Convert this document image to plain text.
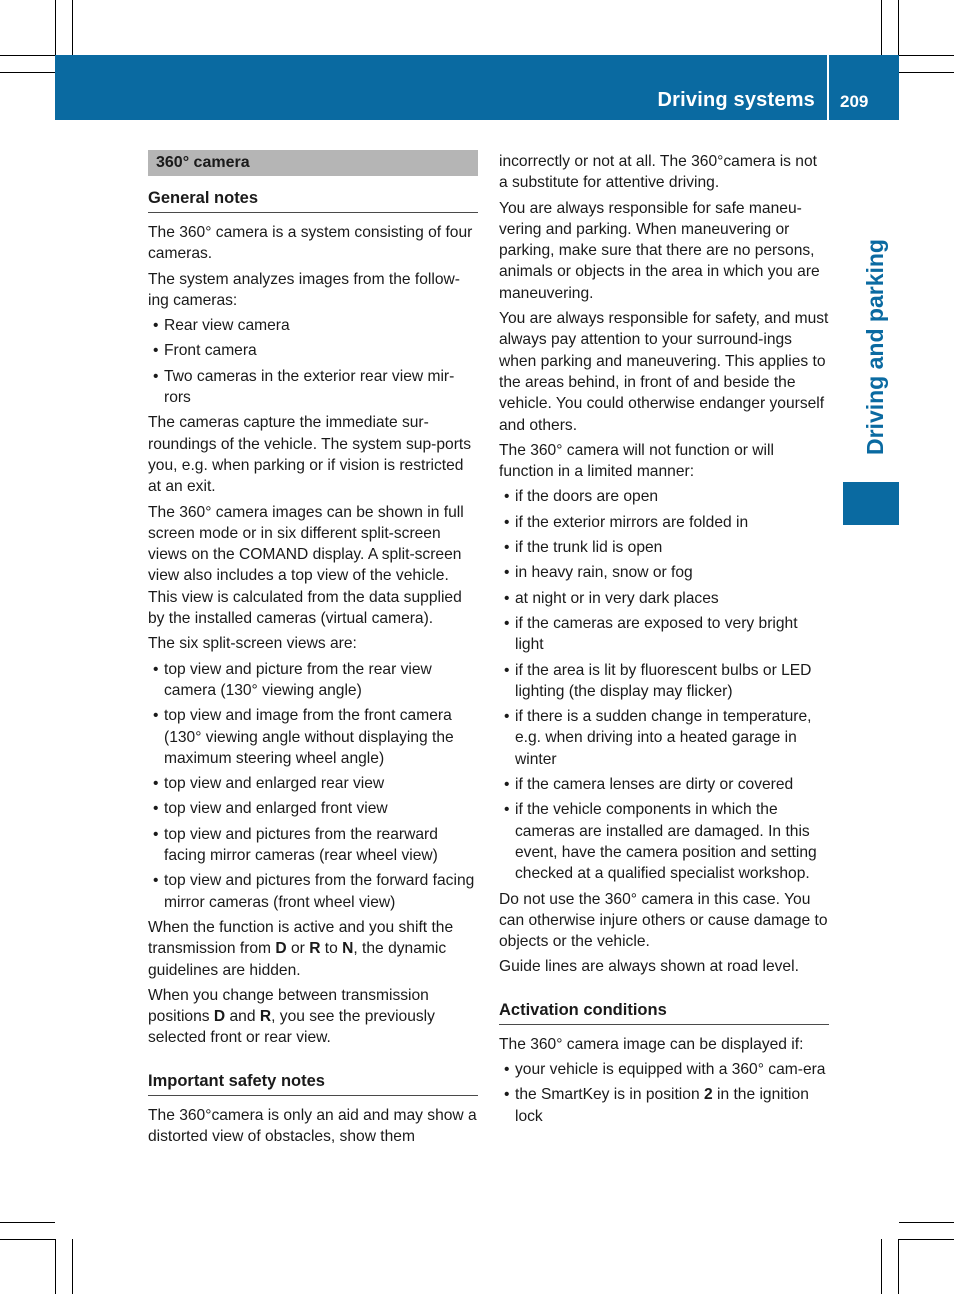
Driving systems 209
Driving and parking
360° camera
General notes

The 360° camera is a system consisting of four cameras.

The system analyzes images from the follow-ing cameras:

• Rear view camera
• Front camera
• Two cameras in the exterior rear view mir-rors

The cameras capture the immediate sur-roundings of the vehicle. The system sup-ports you, e.g. when parking or if vision is restricted at an exit.

The 360° camera images can be shown in full screen mode or in six different split-screen views on the COMAND display. A split-screen view also includes a top view of the vehicle. This view is calculated from the data supplied by the installed cameras (virtual camera).

The six split-screen views are:

• top view and picture from the rear view camera (130° viewing angle)
• top view and image from the front camera (130° viewing angle without displaying the maximum steering wheel angle)
• top view and enlarged rear view
• top view and enlarged front view
• top view and pictures from the rearward facing mirror cameras (rear wheel view)
• top view and pictures from the forward facing mirror cameras (front wheel view)

When the function is active and you shift the transmission from D or R to N, the dynamic guidelines are hidden.

When you change between transmission positions D and R, you see the previously selected front or rear view.

Important safety notes

The 360°camera is only an aid and may show a distorted view of obstacles, show them

incorrectly or not at all. The 360°camera is not a substitute for attentive driving.

You are always responsible for safe maneu-vering and parking. When maneuvering or parking, make sure that there are no persons, animals or objects in the area in which you are maneuvering.

You are always responsible for safety, and must always pay attention to your surround-ings when parking and maneuvering. This applies to the areas behind, in front of and beside the vehicle. You could otherwise endanger yourself and others.

The 360° camera will not function or will function in a limited manner:

• if the doors are open
• if the exterior mirrors are folded in
• if the trunk lid is open
• in heavy rain, snow or fog
• at night or in very dark places
• if the cameras are exposed to very bright light
• if the area is lit by fluorescent bulbs or LED lighting (the display may flicker)
• if there is a sudden change in temperature, e.g. when driving into a heated garage in winter
• if the camera lenses are dirty or covered
• if the vehicle components in which the cameras are installed are damaged. In this event, have the camera position and setting checked at a qualified specialist workshop.

Do not use the 360° camera in this case. You can otherwise injure others or cause damage to objects or the vehicle.

Guide lines are always shown at road level.

Activation conditions

The 360° camera image can be displayed if:

• your vehicle is equipped with a 360° cam-era
• the SmartKey is in position 2 in the ignition lock
